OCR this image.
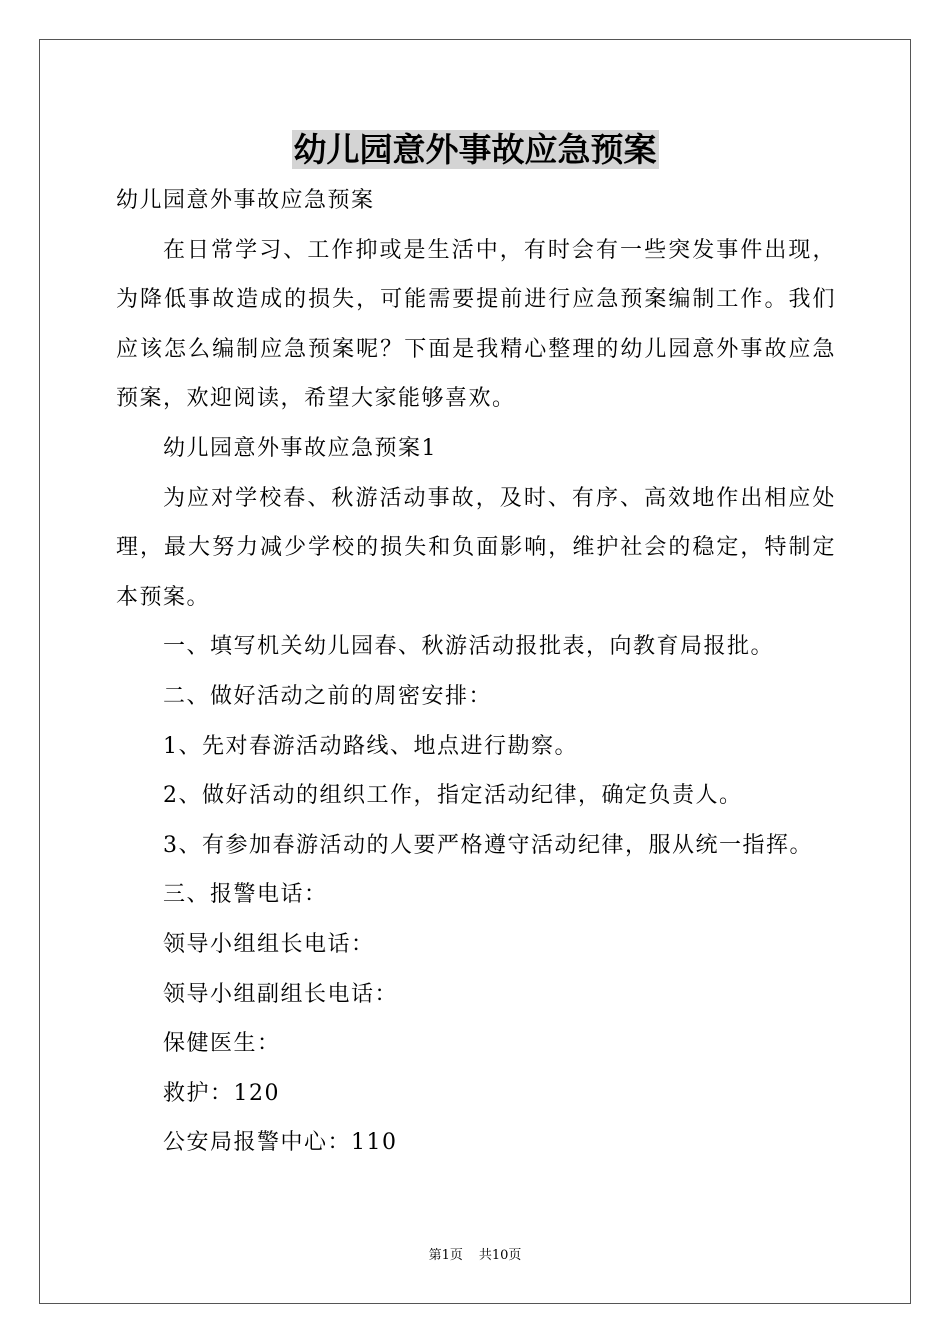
幼儿园意外事故应急预案

幼儿园意外事故应急预案

在日常学习、工作抑或是生活中，有时会有一些突发事件出现，为降低事故造成的损失，可能需要提前进行应急预案编制工作。我们应该怎么编制应急预案呢？下面是我精心整理的幼儿园意外事故应急预案，欢迎阅读，希望大家能够喜欢。

幼儿园意外事故应急预案1

为应对学校春、秋游活动事故，及时、有序、高效地作出相应处理，最大努力减少学校的损失和负面影响，维护社会的稳定，特制定本预案。

一、填写机关幼儿园春、秋游活动报批表，向教育局报批。

二、做好活动之前的周密安排：

1、先对春游活动路线、地点进行勘察。

2、做好活动的组织工作，指定活动纪律，确定负责人。

3、有参加春游活动的人要严格遵守活动纪律，服从统一指挥。

三、报警电话：

领导小组组长电话：

领导小组副组长电话：

保健医生：

救护：120

公安局报警中心：110

第1页 共10页
